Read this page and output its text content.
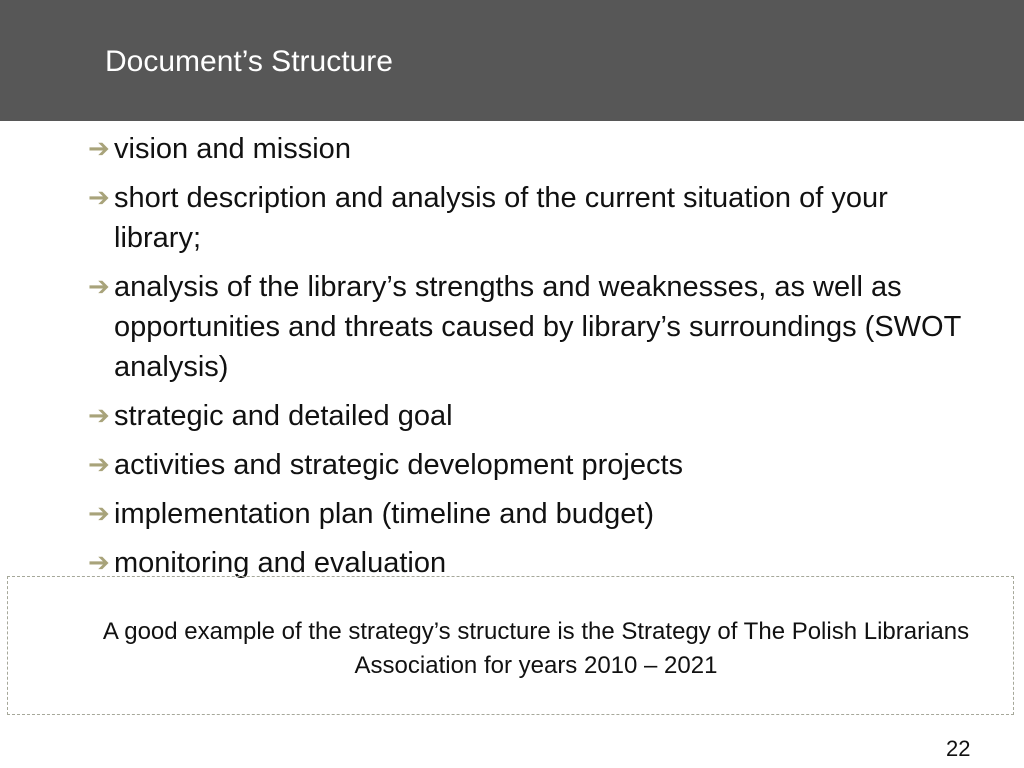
Document’s Structure
➔ vision and mission
➔ short description and analysis of the current situation of your library;
➔ analysis of the library’s strengths and weaknesses, as well as opportunities and threats caused by library’s surroundings (SWOT analysis)
➔ strategic and detailed goal
➔ activities and strategic development projects
➔ implementation plan (timeline and budget)
➔ monitoring and evaluation
A good example of the strategy’s structure is the Strategy of The Polish Librarians Association for years 2010 – 2021
22
